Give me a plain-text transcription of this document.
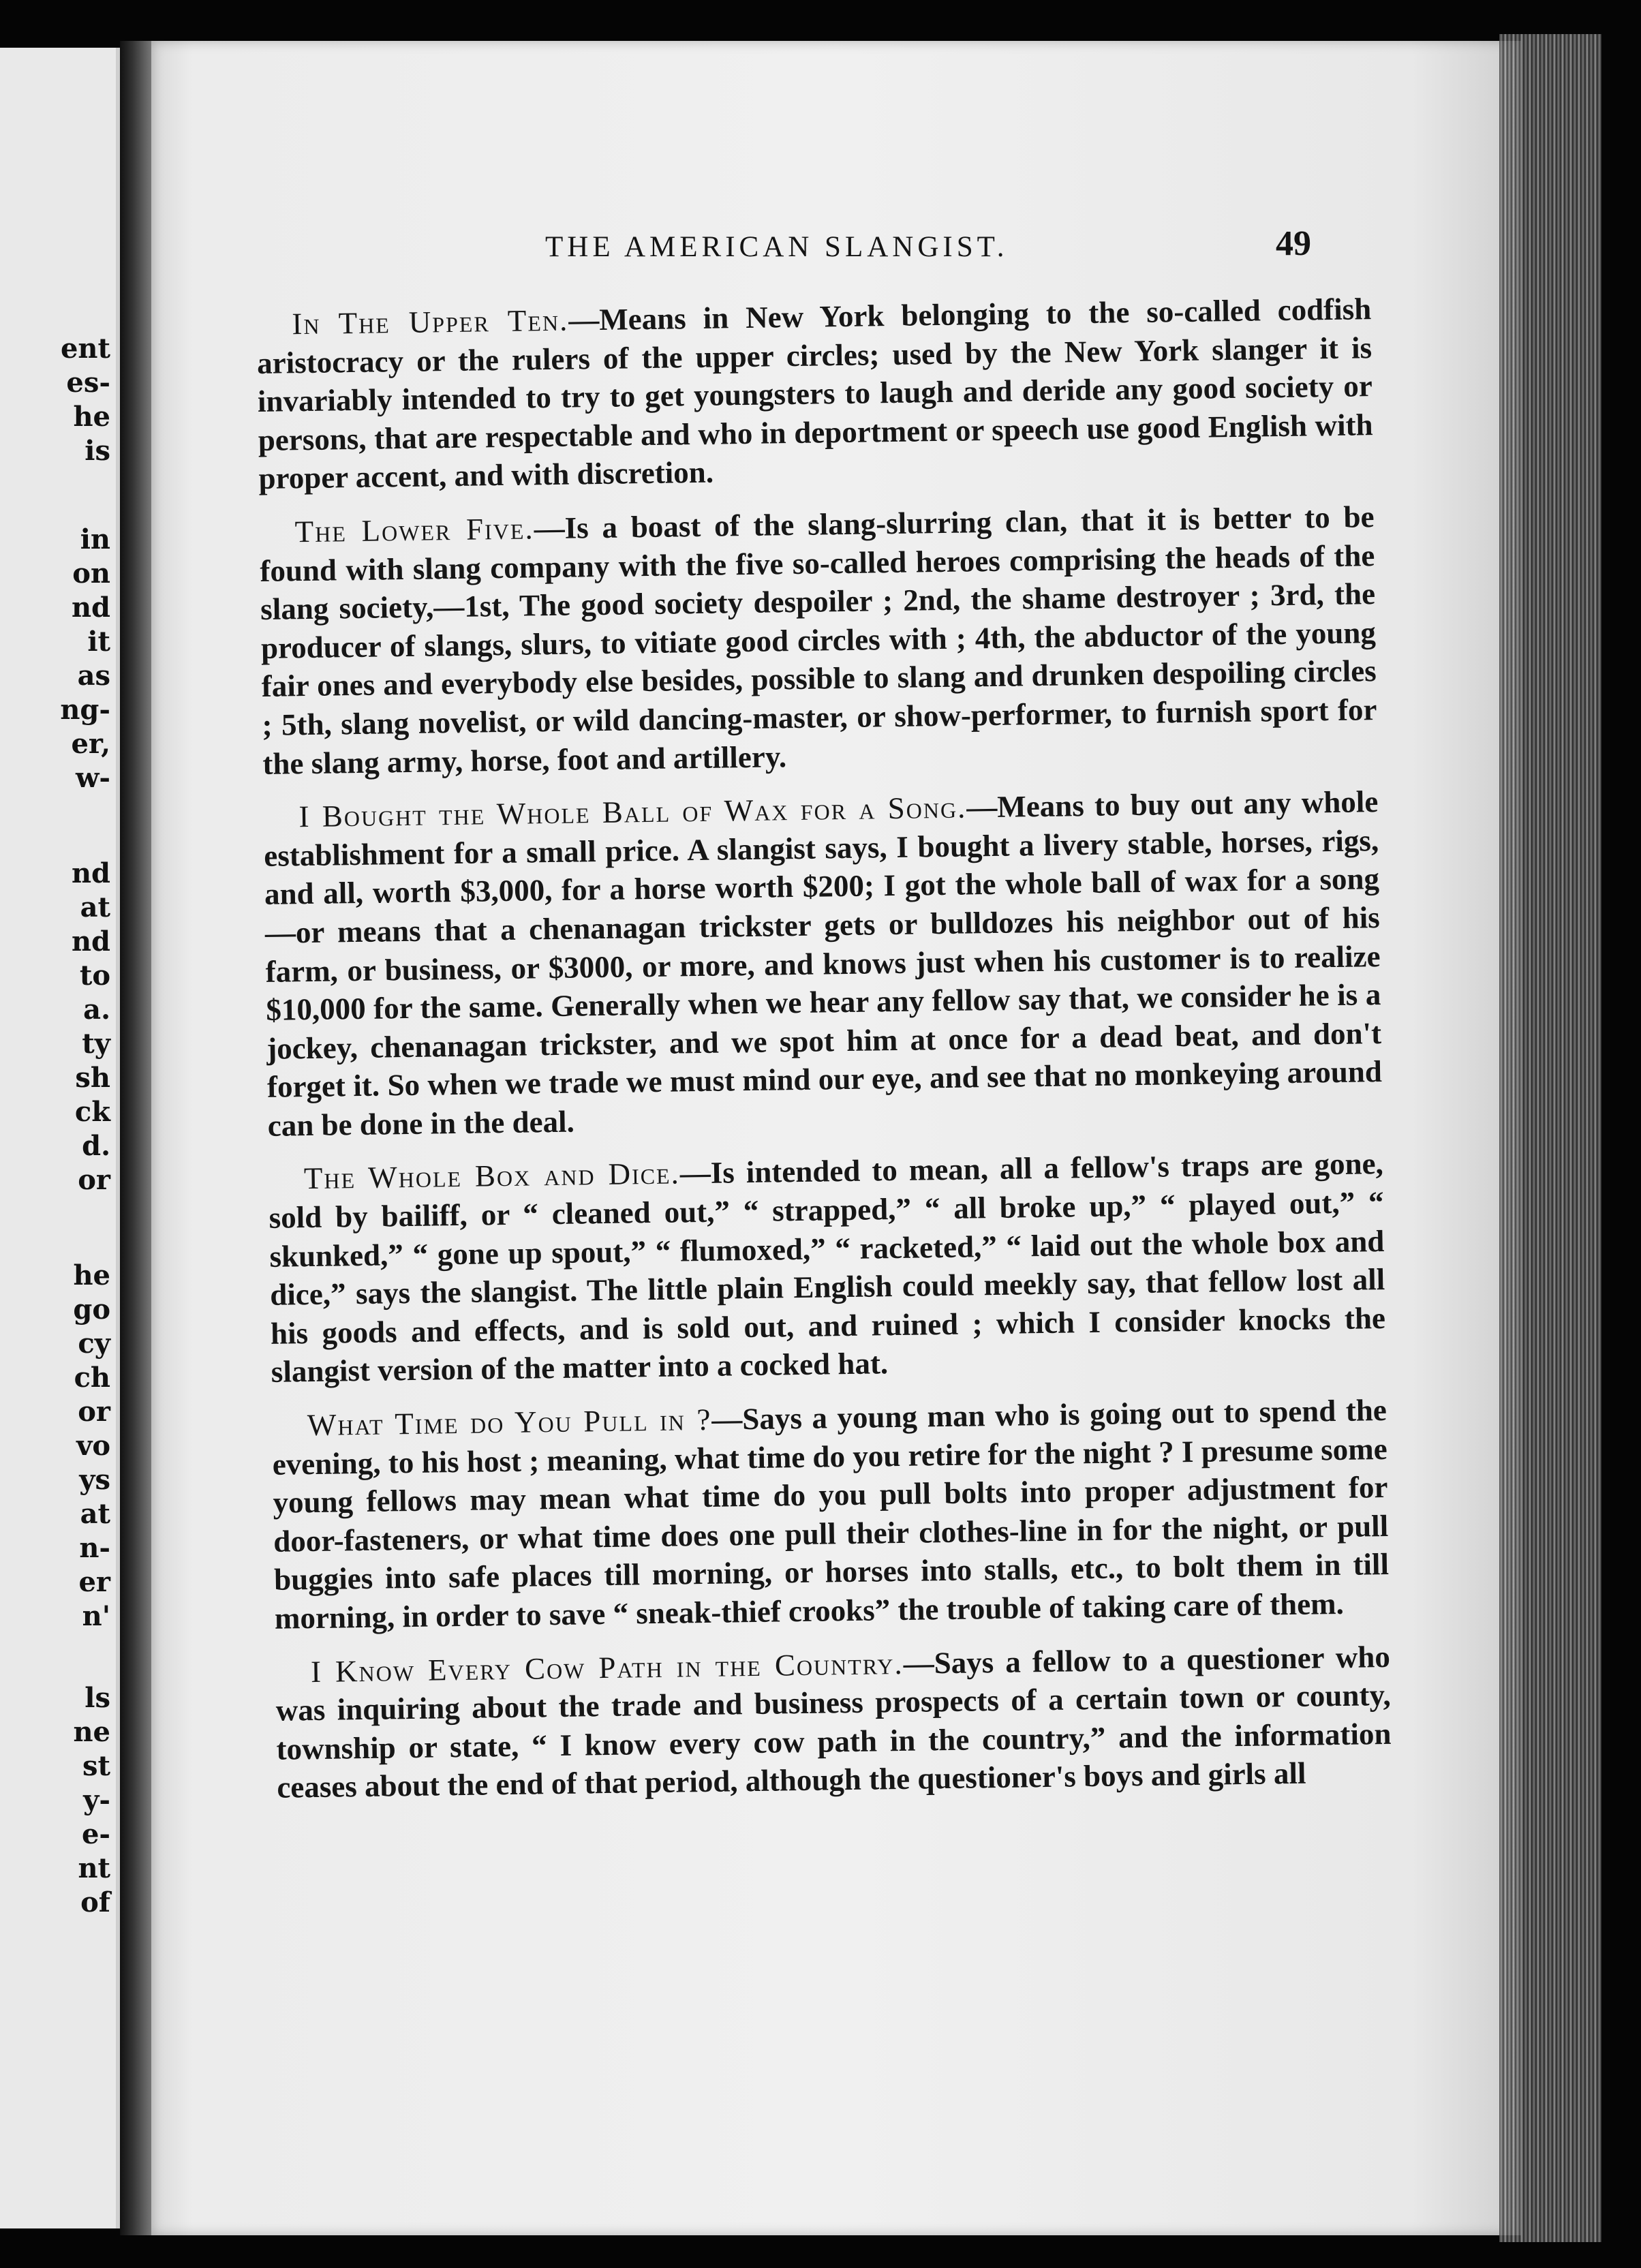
ent
es-
he
is
in
on
nd
it
as
ng-
er,
w-
nd
at
nd
to
a.
ty
sh
ck
d.
or
he
go
cy
ch
or
vo
ys
at
n-
er
n'
ls
ne
st
y-
e-
nt
of
THE AMERICAN SLANGIST.	49

In The Upper Ten.—Means in New York belonging to the so-called codfish aristocracy or the rulers of the upper circles; used by the New York slanger it is invariably intended to try to get youngsters to laugh and deride any good society or persons, that are respectable and who in deportment or speech use good English with proper accent, and with discretion.

The Lower Five.—Is a boast of the slang-slurring clan, that it is better to be found with slang company with the five so-called heroes comprising the heads of the slang society,—1st, The good society despoiler ; 2nd, the shame destroyer ; 3rd, the producer of slangs, slurs, to vitiate good circles with ; 4th, the abductor of the young fair ones and everybody else besides, possible to slang and drunken despoiling circles ; 5th, slang novelist, or wild dancing-master, or show-performer, to furnish sport for the slang army, horse, foot and artillery.

I Bought the Whole Ball of Wax for a Song.—Means to buy out any whole establishment for a small price. A slangist says, I bought a livery stable, horses, rigs, and all, worth $3,000, for a horse worth $200; I got the whole ball of wax for a song—or means that a chenanagan trickster gets or bulldozes his neighbor out of his farm, or business, or $3000, or more, and knows just when his customer is to realize $10,000 for the same. Generally when we hear any fellow say that, we consider he is a jockey, chenanagan trickster, and we spot him at once for a dead beat, and don't forget it. So when we trade we must mind our eye, and see that no monkeying around can be done in the deal.

The Whole Box and Dice.—Is intended to mean, all a fellow's traps are gone, sold by bailiff, or “ cleaned out,” “ strapped,” “ all broke up,” “ played out,” “ skunked,” “ gone up spout,” “ flumoxed,” “ racketed,” “ laid out the whole box and dice,” says the slangist. The little plain English could meekly say, that fellow lost all his goods and effects, and is sold out, and ruined ; which I consider knocks the slangist version of the matter into a cocked hat.

What Time do You Pull in ?—Says a young man who is going out to spend the evening, to his host ; meaning, what time do you retire for the night ? I presume some young fellows may mean what time do you pull bolts into proper adjustment for door-fasteners, or what time does one pull their clothes-line in for the night, or pull buggies into safe places till morning, or horses into stalls, etc., to bolt them in till morning, in order to save “ sneak-thief crooks” the trouble of taking care of them.

I Know Every Cow Path in the Country.—Says a fellow to a questioner who was inquiring about the trade and business prospects of a certain town or county, township or state, “ I know every cow path in the country,” and the information ceases about the end of that period, although the questioner's boys and girls all
